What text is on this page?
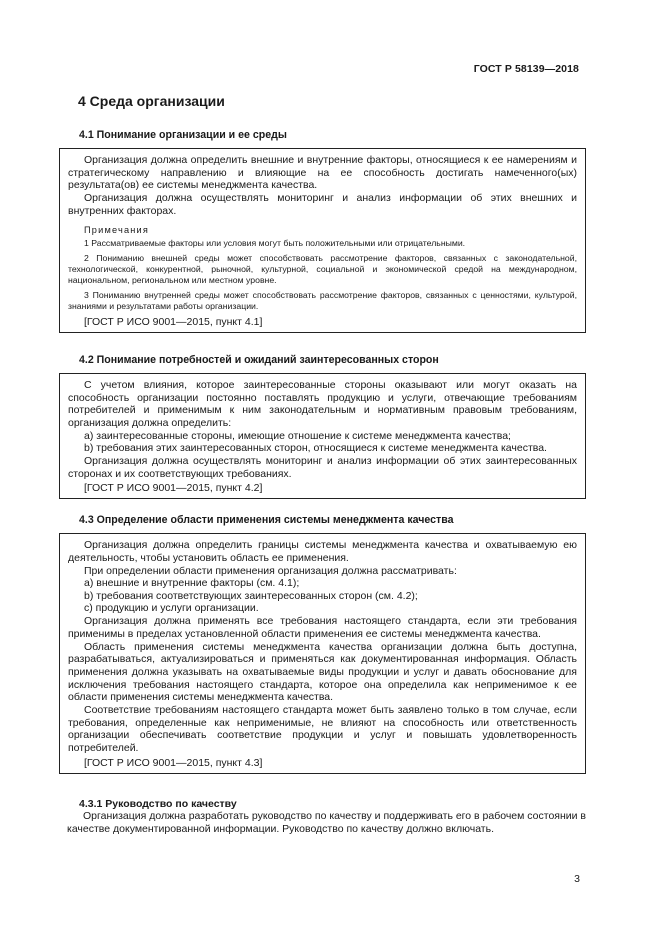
ГОСТ Р 58139—2018
4 Среда организации
4.1 Понимание организации и ее среды

Организация должна определить внешние и внутренние факторы, относящиеся к ее намерениям и стратегическому направлению и влияющие на ее способность достигать намеченного(ых) результата(ов) ее системы менеджмента качества.

Организация должна осуществлять мониторинг и анализ информации об этих внешних и внутренних факторах.

Примечания

1 Рассматриваемые факторы или условия могут быть положительными или отрицательными.

2 Пониманию внешней среды может способствовать рассмотрение факторов, связанных с законодательной, технологической, конкурентной, рыночной, культурной, социальной и экономической средой на международном, национальном, региональном или местном уровне.

3 Пониманию внутренней среды может способствовать рассмотрение факторов, связанных с ценностями, культурой, знаниями и результатами работы организации.

[ГОСТ Р ИСО 9001—2015, пункт 4.1]

4.2 Понимание потребностей и ожиданий заинтересованных сторон

С учетом влияния, которое заинтересованные стороны оказывают или могут оказать на способность организации постоянно поставлять продукцию и услуги, отвечающие требованиям потребителей и применимым к ним законодательным и нормативным правовым требованиям, организация должна определить:

а) заинтересованные стороны, имеющие отношение к системе менеджмента качества;

b) требования этих заинтересованных сторон, относящиеся к системе менеджмента качества.

Организация должна осуществлять мониторинг и анализ информации об этих заинтересованных сторонах и их соответствующих требованиях.

[ГОСТ Р ИСО 9001—2015, пункт 4.2]

4.3 Определение области применения системы менеджмента качества

Организация должна определить границы системы менеджмента качества и охватываемую ею деятельность, чтобы установить область ее применения.

При определении области применения организация должна рассматривать:

а) внешние и внутренние факторы (см. 4.1);

b) требования соответствующих заинтересованных сторон (см. 4.2);

с) продукцию и услуги организации.

Организация должна применять все требования настоящего стандарта, если эти требования применимы в пределах установленной области применения ее системы менеджмента качества.

Область применения системы менеджмента качества организации должна быть доступна, разрабатываться, актуализироваться и применяться как документированная информация. Область применения должна указывать на охватываемые виды продукции и услуг и давать обоснование для исключения требования настоящего стандарта, которое она определила как неприменимое к ее области применения системы менеджмента качества.

Соответствие требованиям настоящего стандарта может быть заявлено только в том случае, если требования, определенные как неприменимые, не влияют на способность или ответственность организации обеспечивать соответствие продукции и услуг и повышать удовлетворенность потребителей.

[ГОСТ Р ИСО 9001—2015, пункт 4.3]

4.3.1 Руководство по качеству

Организация должна разработать руководство по качеству и поддерживать его в рабочем состоянии в качестве документированной информации. Руководство по качеству должно включать.

3
